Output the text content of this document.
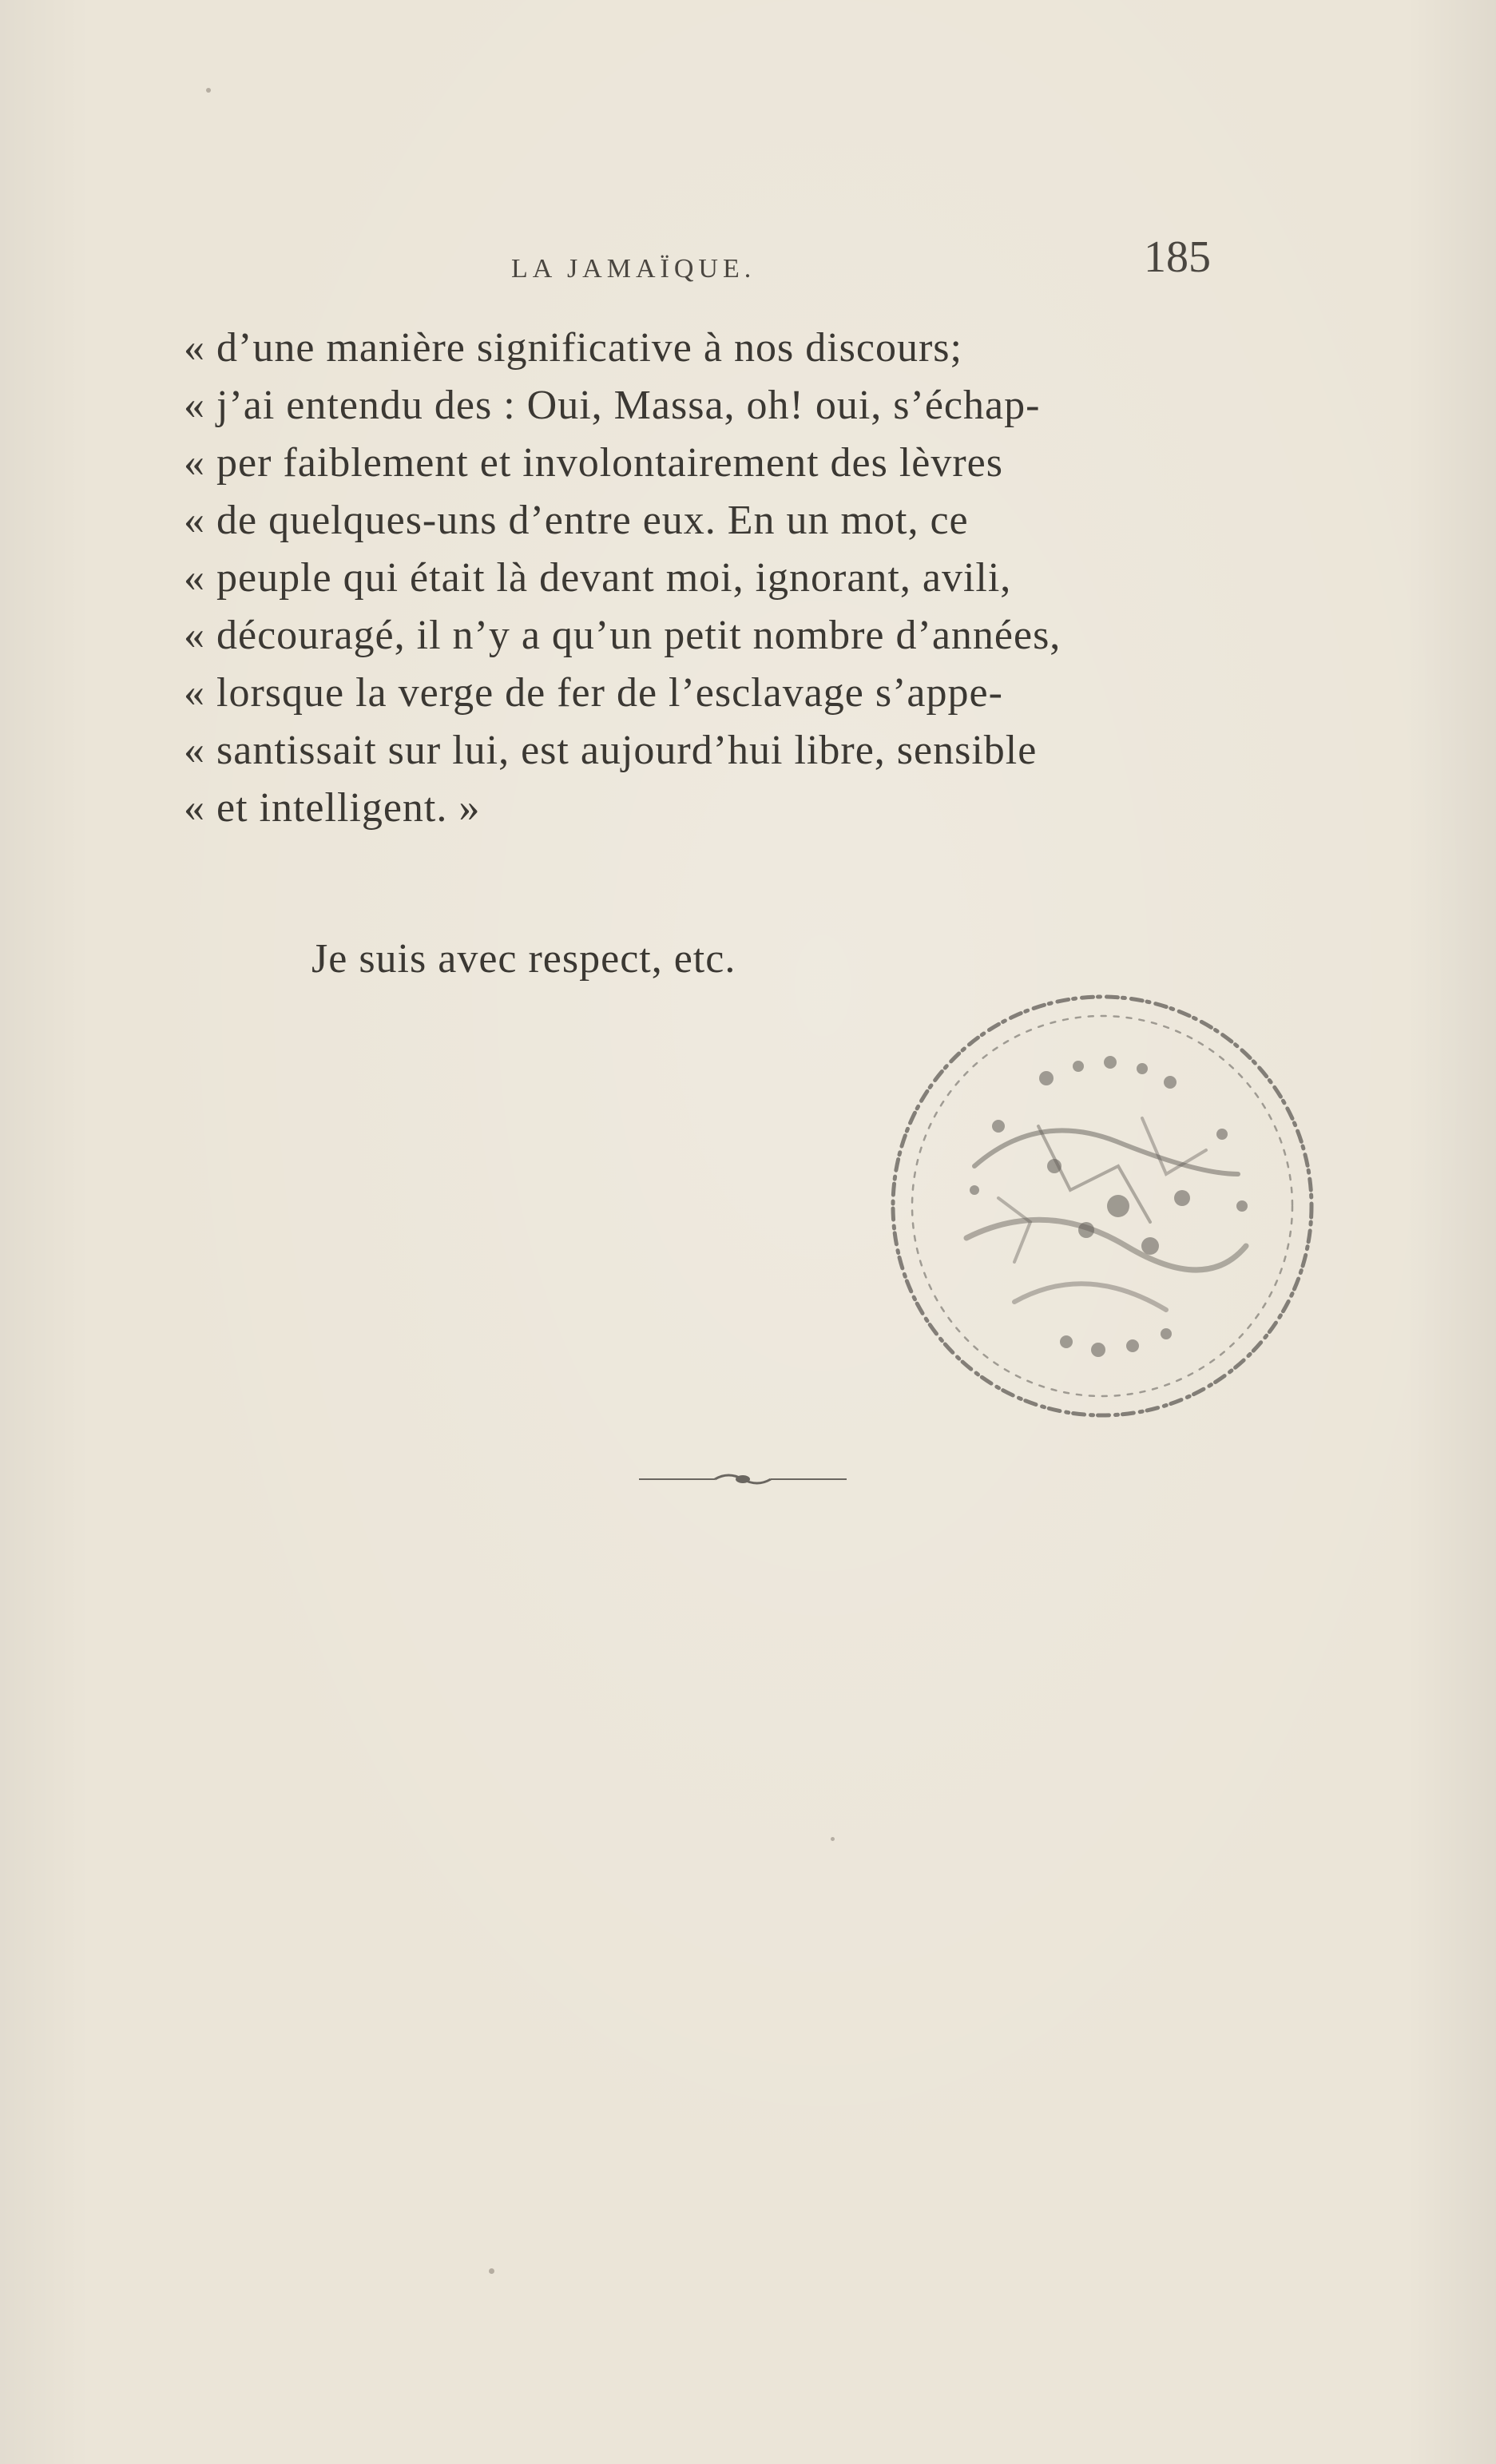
LA JAMAÏQUE.	185
« d’une manière significative à nos discours;
« j’ai entendu des : Oui, Massa, oh! oui, s’échap-
« per faiblement et involontairement des lèvres
« de quelques-uns d’entre eux. En un mot, ce
« peuple qui était là devant moi, ignorant, avili,
« découragé, il n’y a qu’un petit nombre d’années,
« lorsque la verge de fer de l’esclavage s’appe-
« santissait sur lui, est aujourd’hui libre, sensible
« et intelligent. »
Je suis avec respect, etc.
